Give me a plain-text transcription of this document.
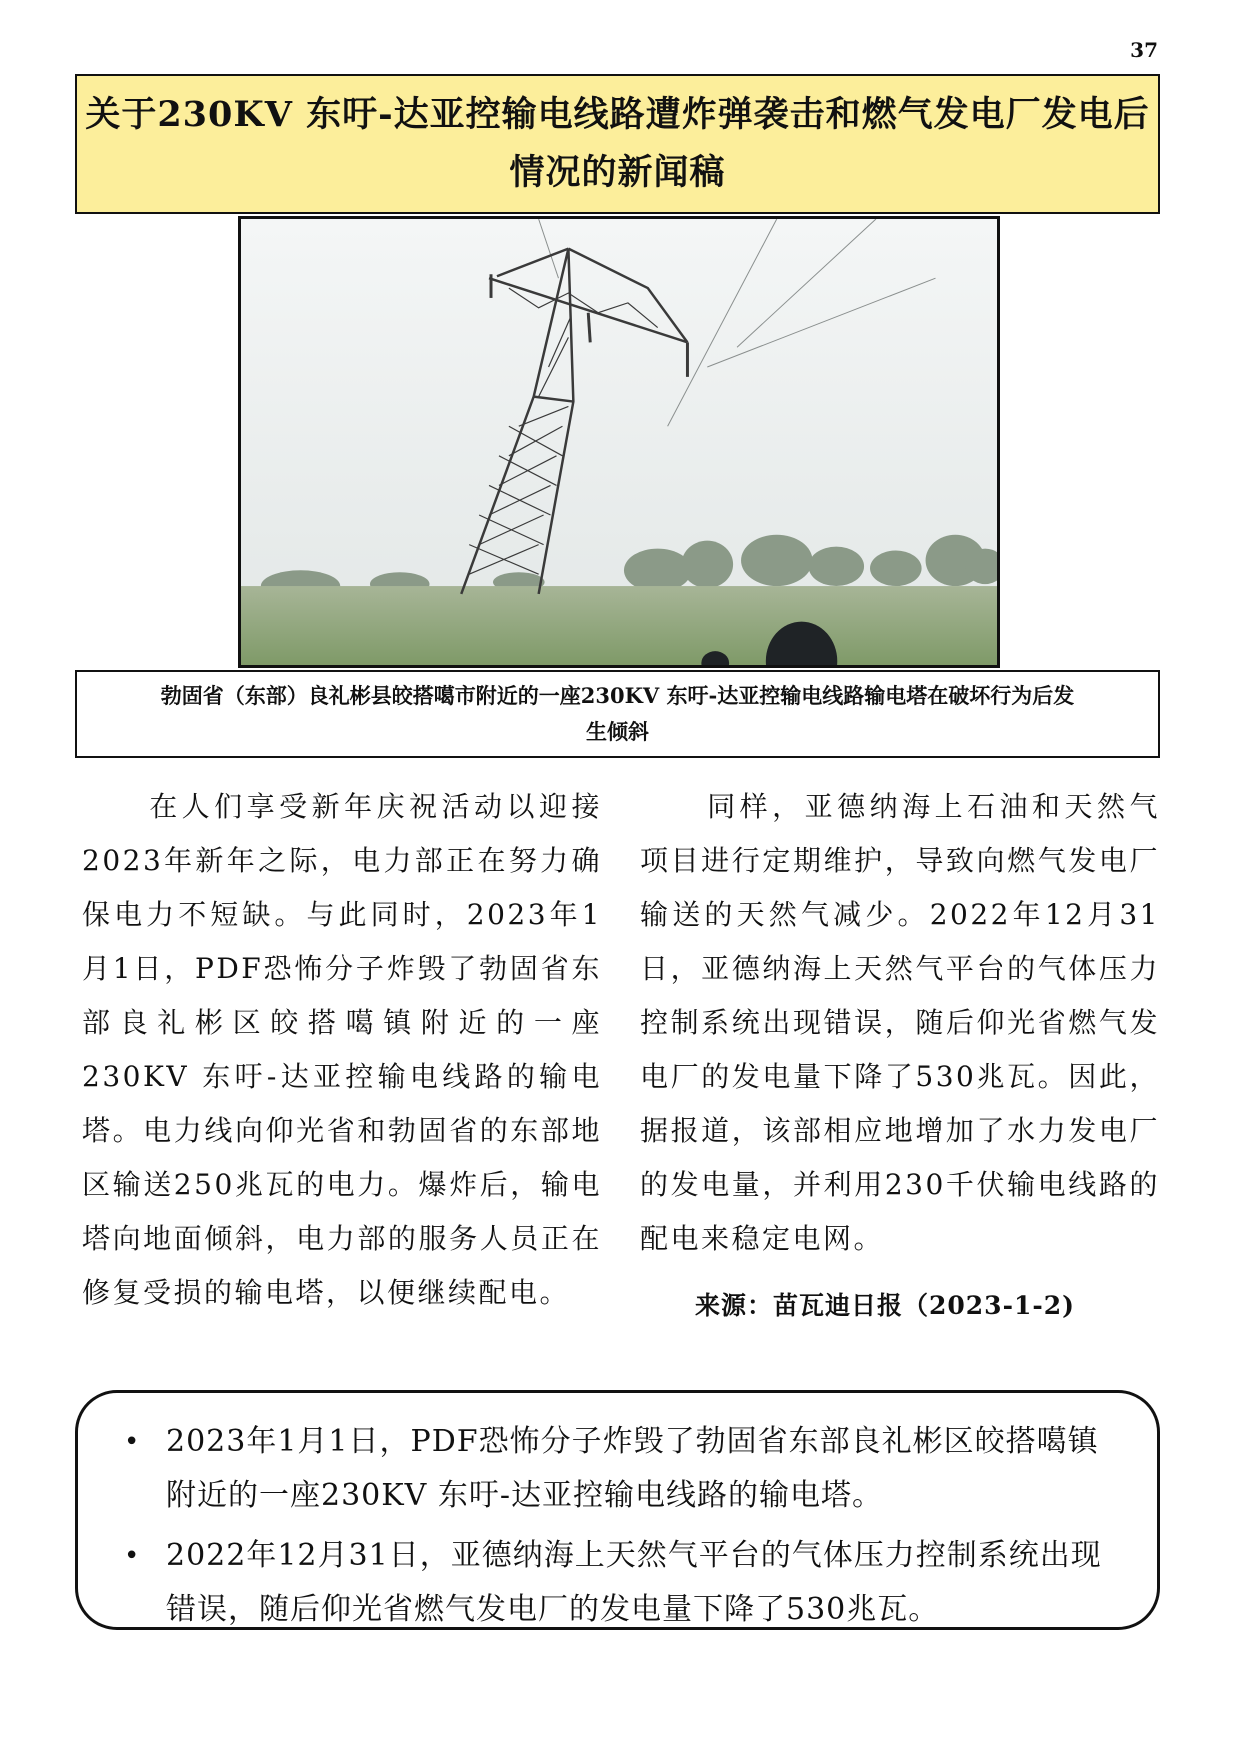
37
关于230KV 东吁-达亚控输电线路遭炸弹袭击和燃气发电厂发电后
情况的新闻稿
勃固省（东部）良礼彬县皎搭噶市附近的一座230KV 东吁-达亚控输电线路输电塔在破坏行为后发
生倾斜

在人们享受新年庆祝活动以迎接2023年新年之际，电力部正在努力确保电力不短缺。与此同时，2023年1月1日，PDF恐怖分子炸毁了勃固省东部良礼彬区皎搭噶镇附近的一座230KV 东吁-达亚控输电线路的输电塔。电力线向仰光省和勃固省的东部地区输送250兆瓦的电力。爆炸后，输电塔向地面倾斜，电力部的服务人员正在修复受损的输电塔，以便继续配电。

同样，亚德纳海上石油和天然气项目进行定期维护，导致向燃气发电厂输送的天然气减少。2022年12月31日，亚德纳海上天然气平台的气体压力控制系统出现错误，随后仰光省燃气发电厂的发电量下降了530兆瓦。因此，据报道，该部相应地增加了水力发电厂的发电量，并利用230千伏输电线路的配电来稳定电网。

来源：苗瓦迪日报（2023-1-2)
• 2023年1月1日，PDF恐怖分子炸毁了勃固省东部良礼彬区皎搭噶镇附近的一座230KV 东吁-达亚控输电线路的输电塔。
• 2022年12月31日，亚德纳海上天然气平台的气体压力控制系统出现错误，随后仰光省燃气发电厂的发电量下降了530兆瓦。
